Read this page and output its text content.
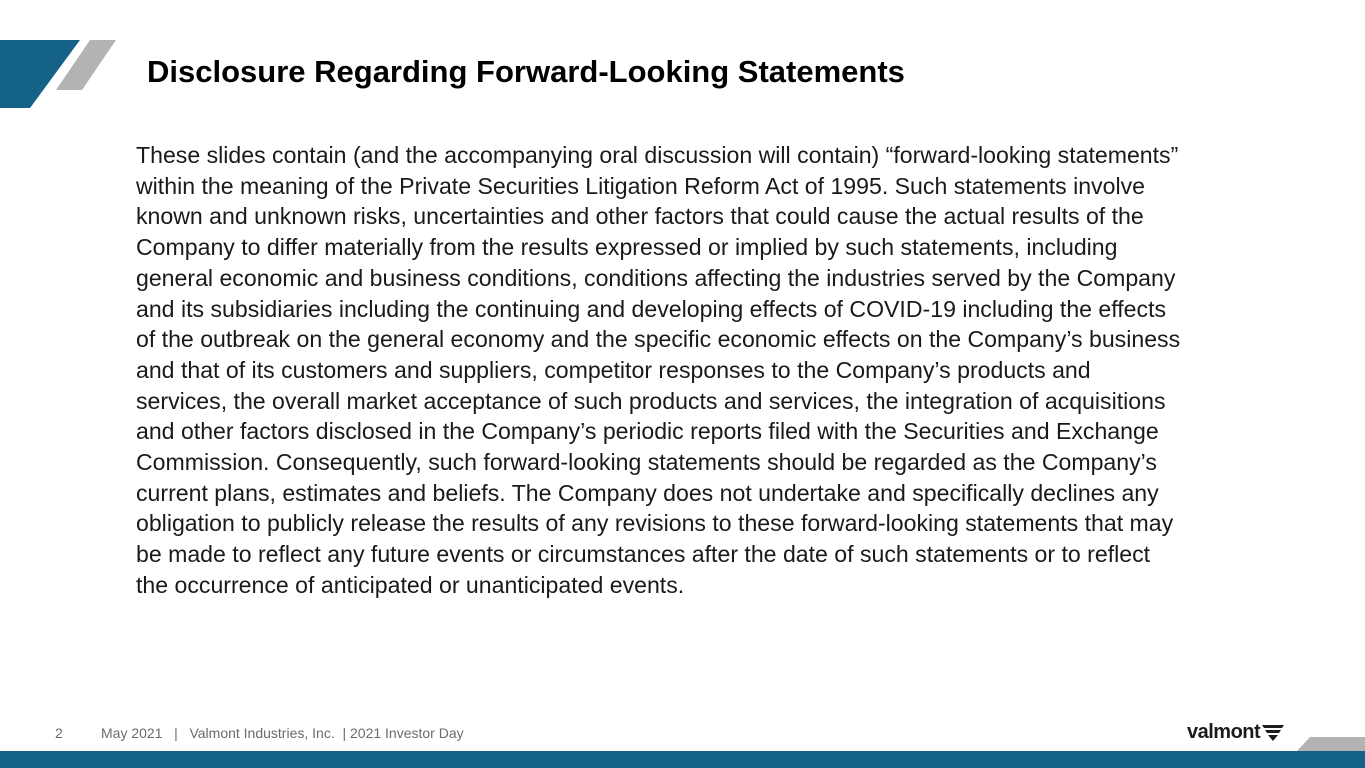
Disclosure Regarding Forward-Looking Statements

These slides contain (and the accompanying oral discussion will contain) “forward-looking statements”
within the meaning of the Private Securities Litigation Reform Act of 1995. Such statements involve
known and unknown risks, uncertainties and other factors that could cause the actual results of the
Company to differ materially from the results expressed or implied by such statements, including
general economic and business conditions, conditions affecting the industries served by the Company
and its subsidiaries including the continuing and developing effects of COVID-19 including the effects
of the outbreak on the general economy and the specific economic effects on the Company’s business
and that of its customers and suppliers, competitor responses to the Company’s products and
services, the overall market acceptance of such products and services, the integration of acquisitions
and other factors disclosed in the Company’s periodic reports filed with the Securities and Exchange
Commission. Consequently, such forward-looking statements should be regarded as the Company’s
current plans, estimates and beliefs. The Company does not undertake and specifically declines any
obligation to publicly release the results of any revisions to these forward-looking statements that may
be made to reflect any future events or circumstances after the date of such statements or to reflect
the occurrence of anticipated or unanticipated events.

2	May 2021   |   Valmont Industries, Inc.  | 2021 Investor Day	valmont
